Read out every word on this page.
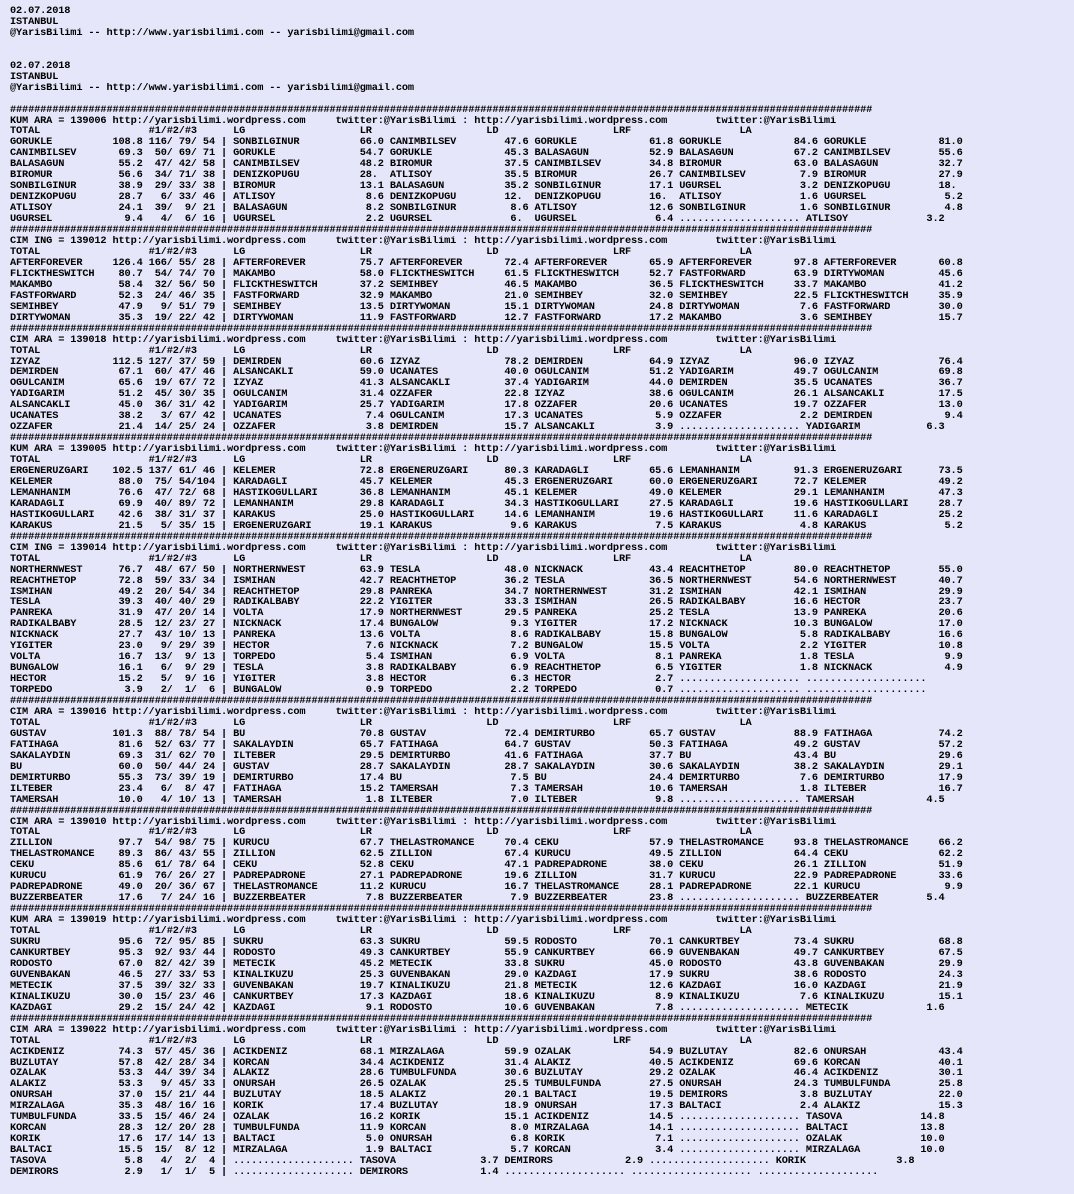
02.07.2018
ISTANBUL
@YarisBilimi -- http://www.yarisbilimi.com -- yarisbilimi@gmail.com
02.07.2018
ISTANBUL
@YarisBilimi -- http://www.yarisbilimi.com -- yarisbilimi@gmail.com
###############################################################################################################################################
KUM ARA = 139006 http://yarisbilimi.wordpress.com     twitter:@YarisBilimi : http://yarisbilimi.wordpress.com        twitter:@YarisBilimi
TOTAL                  #1/#2/#3      LG                   LR                   LD                   LRF                  LA
GORUKLE          108.8 116/ 79/ 54 | SONBILGINUR          66.0 CANIMBILSEV        47.6 GORUKLE            61.8 GORUKLE            84.6 GORUKLE            81.0
CANIMBILSEV       69.3  50/ 69/ 71 | GORUKLE              54.7 GORUKLE            45.3 BALASAGUN          52.9 BALASAGUN          67.2 CANIMBILSEV        55.6
BALASAGUN         55.2  47/ 42/ 58 | CANIMBILSEV          48.2 BIROMUR            37.5 CANIMBILSEV        34.8 BIROMUR            63.0 BALASAGUN          32.7
BIROMUR           56.6  34/ 71/ 38 | DENIZKOPUGU          28.  ATLISOY            35.5 BIROMUR            26.7 CANIMBILSEV         7.9 BIROMUR            27.9
SONBILGINUR       38.9  29/ 33/ 38 | BIROMUR              13.1 BALASAGUN          35.2 SONBILGINUR        17.1 UGURSEL             3.2 DENIZKOPUGU        18.
DENIZKOPUGU       28.7   6/ 33/ 46 | ATLISOY               8.6 DENIZKOPUGU        12.  DENIZKOPUGU        16.  ATLISOY             1.6 UGURSEL             5.2
ATLISOY           24.1  39/  9/ 21 | BALASAGUN             8.2 SONBILGINUR         8.6 ATLISOY            12.6 SONBILGINUR         1.6 SONBILGINUR         4.8
UGURSEL            9.4   4/  6/ 16 | UGURSEL               2.2 UGURSEL             6.  UGURSEL             6.4 .................... ATLISOY             3.2
###############################################################################################################################################
CIM ING = 139012 http://yarisbilimi.wordpress.com     twitter:@YarisBilimi : http://yarisbilimi.wordpress.com        twitter:@YarisBilimi
TOTAL                  #1/#2/#3      LG                   LR                   LD                   LRF                  LA
AFTERFOREVER     126.4 166/ 55/ 28 | AFTERFOREVER         75.7 AFTERFOREVER       72.4 AFTERFOREVER       65.9 AFTERFOREVER       97.8 AFTERFOREVER       60.8
FLICKTHESWITCH    80.7  54/ 74/ 70 | MAKAMBO              58.0 FLICKTHESWITCH     61.5 FLICKTHESWITCH     52.7 FASTFORWARD        63.9 DIRTYWOMAN         45.6
MAKAMBO           58.4  32/ 56/ 50 | FLICKTHESWITCH       37.2 SEMIHBEY           46.5 MAKAMBO            36.5 FLICKTHESWITCH     33.7 MAKAMBO            41.2
FASTFORWARD       52.3  24/ 46/ 35 | FASTFORWARD          32.9 MAKAMBO            21.0 SEMIHBEY           32.0 SEMIHBEY           22.5 FLICKTHESWITCH     35.9
SEMIHBEY          47.9   9/ 51/ 79 | SEMIHBEY             13.5 DIRTYWOMAN         15.1 DIRTYWOMAN         24.8 DIRTYWOMAN          7.6 FASTFORWARD        30.0
DIRTYWOMAN        35.3  19/ 22/ 42 | DIRTYWOMAN           11.9 FASTFORWARD        12.7 FASTFORWARD        17.2 MAKAMBO             3.6 SEMIHBEY           15.7
###############################################################################################################################################
CIM ARA = 139018 http://yarisbilimi.wordpress.com     twitter:@YarisBilimi : http://yarisbilimi.wordpress.com        twitter:@YarisBilimi
TOTAL                  #1/#2/#3      LG                   LR                   LD                   LRF                  LA
IZYAZ            112.5 127/ 37/ 59 | DEMIRDEN             60.6 IZYAZ              78.2 DEMIRDEN           64.9 IZYAZ              96.0 IZYAZ              76.4
DEMIRDEN          67.1  60/ 47/ 46 | ALSANCAKLI           59.0 UCANATES           40.0 OGULCANIM          51.2 YADIGARIM          49.7 OGULCANIM          69.8
OGULCANIM         65.6  19/ 67/ 72 | IZYAZ                41.3 ALSANCAKLI         37.4 YADIGARIM          44.0 DEMIRDEN           35.5 UCANATES           36.7
YADIGARIM         51.2  45/ 30/ 35 | OGULCANIM            31.4 OZZAFER            22.8 IZYAZ              38.6 OGULCANIM          26.1 ALSANCAKLI         17.5
ALSANCAKLI        45.0  36/ 31/ 42 | YADIGARIM            25.7 YADIGARIM          17.8 OZZAFER            20.6 UCANATES           19.7 OZZAFER            13.0
UCANATES          38.2   3/ 67/ 42 | UCANATES              7.4 OGULCANIM          17.3 UCANATES            5.9 OZZAFER             2.2 DEMIRDEN            9.4
OZZAFER           21.4  14/ 25/ 24 | OZZAFER               3.8 DEMIRDEN           15.7 ALSANCAKLI          3.9 .................... YADIGARIM           6.3
###############################################################################################################################################
KUM ARA = 139005 http://yarisbilimi.wordpress.com     twitter:@YarisBilimi : http://yarisbilimi.wordpress.com        twitter:@YarisBilimi
TOTAL                  #1/#2/#3      LG                   LR                   LD                   LRF                  LA
ERGENERUZGARI    102.5 137/ 61/ 46 | KELEMER              72.8 ERGENERUZGARI      80.3 KARADAGLI          65.6 LEMANHANIM         91.3 ERGENERUZGARI      73.5
KELEMER           88.0  75/ 54/104 | KARADAGLI            45.7 KELEMER            45.3 ERGENERUZGARI      60.0 ERGENERUZGARI      72.7 KELEMER            49.2
LEMANHANIM        76.6  47/ 72/ 68 | HASTIKOGULLARI       36.8 LEMANHANIM         45.1 KELEMER            49.0 KELEMER            29.1 LEMANHANIM         47.3
KARADAGLI         69.9  40/ 89/ 72 | LEMANHANIM           29.8 KARADAGLI          34.3 HASTIKOGULLARI     27.5 KARADAGLI          19.6 HASTIKOGULLARI     28.7
HASTIKOGULLARI    42.6  38/ 31/ 37 | KARAKUS              25.0 HASTIKOGULLARI     14.6 LEMANHANIM         19.6 HASTIKOGULLARI     11.6 KARADAGLI          25.2
KARAKUS           21.5   5/ 35/ 15 | ERGENERUZGARI        19.1 KARAKUS             9.6 KARAKUS             7.5 KARAKUS             4.8 KARAKUS             5.2
###############################################################################################################################################
CIM ING = 139014 http://yarisbilimi.wordpress.com     twitter:@YarisBilimi : http://yarisbilimi.wordpress.com        twitter:@YarisBilimi
TOTAL                  #1/#2/#3      LG                   LR                   LD                   LRF                  LA
NORTHERNWEST      76.7  48/ 67/ 50 | NORTHERNWEST         63.9 TESLA              48.0 NICKNACK           43.4 REACHTHETOP        80.0 REACHTHETOP        55.0
REACHTHETOP       72.8  59/ 33/ 34 | ISMIHAN              42.7 REACHTHETOP        36.2 TESLA              36.5 NORTHERNWEST       54.6 NORTHERNWEST       40.7
ISMIHAN           49.2  20/ 54/ 34 | REACHTHETOP          29.8 PANREKA            34.7 NORTHERNWEST       31.2 ISMIHAN            42.1 ISMIHAN            29.9
TESLA             39.3  40/ 40/ 29 | RADIKALBABY          22.2 YIGITER            33.3 ISMIHAN            26.5 RADIKALBABY        16.6 HECTOR             23.7
PANREKA           31.9  47/ 20/ 14 | VOLTA                17.9 NORTHERNWEST       29.5 PANREKA            25.2 TESLA              13.9 PANREKA            20.6
RADIKALBABY       28.5  12/ 23/ 27 | NICKNACK             17.4 BUNGALOW            9.3 YIGITER            17.2 NICKNACK           10.3 BUNGALOW           17.0
NICKNACK          27.7  43/ 10/ 13 | PANREKA              13.6 VOLTA               8.6 RADIKALBABY        15.8 BUNGALOW            5.8 RADIKALBABY        16.6
YIGITER           23.0   9/ 29/ 39 | HECTOR                7.6 NICKNACK            7.2 BUNGALOW           15.5 VOLTA               2.2 YIGITER            10.8
VOLTA             16.7  13/  9/ 13 | TORPEDO               5.4 ISMIHAN             6.9 VOLTA               8.1 PANREKA             1.8 TESLA               9.9
BUNGALOW          16.1   6/  9/ 29 | TESLA                 3.8 RADIKALBABY         6.9 REACHTHETOP         6.5 YIGITER             1.8 NICKNACK            4.9
HECTOR            15.2   5/  9/ 16 | YIGITER               3.8 HECTOR              6.3 HECTOR              2.7 .................... ....................
TORPEDO            3.9   2/  1/  6 | BUNGALOW              0.9 TORPEDO             2.2 TORPEDO             0.7 .................... ....................
###############################################################################################################################################
CIM ARA = 139016 http://yarisbilimi.wordpress.com     twitter:@YarisBilimi : http://yarisbilimi.wordpress.com        twitter:@YarisBilimi
TOTAL                  #1/#2/#3      LG                   LR                   LD                   LRF                  LA
GUSTAV           101.3  88/ 78/ 54 | BU                   70.8 GUSTAV             72.4 DEMIRTURBO         65.7 GUSTAV             88.9 FATIHAGA           74.2
FATIHAGA          81.6  52/ 63/ 77 | SAKALAYDIN           65.7 FATIHAGA           64.7 GUSTAV             50.3 FATIHAGA           49.2 GUSTAV             57.2
SAKALAYDIN        69.3  31/ 62/ 70 | ILTEBER              29.5 DEMIRTURBO         41.6 FATIHAGA           37.7 BU                 43.4 BU                 29.6
BU                60.0  50/ 44/ 24 | GUSTAV               28.7 SAKALAYDIN         28.7 SAKALAYDIN         30.6 SAKALAYDIN         38.2 SAKALAYDIN         29.1
DEMIRTURBO        55.3  73/ 39/ 19 | DEMIRTURBO           17.4 BU                  7.5 BU                 24.4 DEMIRTURBO          7.6 DEMIRTURBO         17.9
ILTEBER           23.4   6/  8/ 47 | FATIHAGA             15.2 TAMERSAH            7.3 TAMERSAH           10.6 TAMERSAH            1.8 ILTEBER            16.7
TAMERSAH          10.0   4/ 10/ 13 | TAMERSAH              1.8 ILTEBER             7.0 ILTEBER             9.8 .................... TAMERSAH            4.5
###############################################################################################################################################
CIM ARA = 139010 http://yarisbilimi.wordpress.com     twitter:@YarisBilimi : http://yarisbilimi.wordpress.com        twitter:@YarisBilimi
TOTAL                  #1/#2/#3      LG                   LR                   LD                   LRF                  LA
ZILLION           97.7  54/ 98/ 75 | KURUCU               67.7 THELASTROMANCE     70.4 CEKU               57.9 THELASTROMANCE     93.8 THELASTROMANCE     66.2
THELASTROMANCE    89.3  86/ 43/ 55 | ZILLION              62.5 ZILLION            67.4 KURUCU             49.5 ZILLION            64.4 CEKU               62.2
CEKU              85.6  61/ 78/ 64 | CEKU                 52.8 CEKU               47.1 PADREPADRONE       38.0 CEKU               26.1 ZILLION            51.9
KURUCU            61.9  76/ 26/ 27 | PADREPADRONE         27.1 PADREPADRONE       19.6 ZILLION            31.7 KURUCU             22.9 PADREPADRONE       33.6
PADREPADRONE      49.0  20/ 36/ 67 | THELASTROMANCE       11.2 KURUCU             16.7 THELASTROMANCE     28.1 PADREPADRONE       22.1 KURUCU              9.9
BUZZERBEATER      17.6   7/ 24/ 16 | BUZZERBEATER          7.8 BUZZERBEATER        7.9 BUZZERBEATER       23.8 .................... BUZZERBEATER        5.4
###############################################################################################################################################
KUM ARA = 139019 http://yarisbilimi.wordpress.com     twitter:@YarisBilimi : http://yarisbilimi.wordpress.com        twitter:@YarisBilimi
TOTAL                  #1/#2/#3      LG                   LR                   LD                   LRF                  LA
SUKRU             95.6  72/ 95/ 85 | SUKRU                63.3 SUKRU              59.5 RODOSTO            70.1 CANKURTBEY         73.4 SUKRU              68.8
CANKURTBEY        95.3  92/ 93/ 44 | RODOSTO              49.3 CANKURTBEY         55.9 CANKURTBEY         66.9 GUVENBAKAN         49.7 CANKURTBEY         67.5
RODOSTO           67.0  82/ 42/ 39 | METECIK              45.2 METECIK            33.8 SUKRU              45.0 RODOSTO            43.8 GUVENBAKAN         29.9
GUVENBAKAN        46.5  27/ 33/ 53 | KINALIKUZU           25.3 GUVENBAKAN         29.0 KAZDAGI            17.9 SUKRU              38.6 RODOSTO            24.3
METECIK           37.5  39/ 32/ 33 | GUVENBAKAN           19.7 KINALIKUZU         21.8 METECIK            12.6 KAZDAGI            16.0 KAZDAGI            21.9
KINALIKUZU        30.0  15/ 23/ 46 | CANKURTBEY           17.3 KAZDAGI            18.6 KINALIKUZU          8.9 KINALIKUZU          7.6 KINALIKUZU         15.1
KAZDAGI           29.2  15/ 24/ 42 | KAZDAGI               9.1 RODOSTO            10.6 GUVENBAKAN          7.8 .................... METECIK             1.6
###############################################################################################################################################
CIM ARA = 139022 http://yarisbilimi.wordpress.com     twitter:@YarisBilimi : http://yarisbilimi.wordpress.com        twitter:@YarisBilimi
TOTAL                  #1/#2/#3      LG                   LR                   LD                   LRF                  LA
ACIKDENIZ         74.3  57/ 45/ 36 | ACIKDENIZ            68.1 MIRZALAGA          59.9 OZALAK             54.9 BUZLUTAY           82.6 ONURSAH            43.4
BUZLUTAY          57.8  42/ 28/ 34 | KORCAN               34.4 ACIKDENIZ          31.4 ALAKIZ             40.5 ACIKDENIZ          69.6 KORCAN             40.1
OZALAK            53.3  44/ 39/ 34 | ALAKIZ               28.6 TUMBULFUNDA        30.6 BUZLUTAY           29.2 OZALAK             46.4 ACIKDENIZ          30.1
ALAKIZ            53.3   9/ 45/ 33 | ONURSAH              26.5 OZALAK             25.5 TUMBULFUNDA        27.5 ONURSAH            24.3 TUMBULFUNDA        25.8
ONURSAH           37.0  15/ 21/ 44 | BUZLUTAY             18.5 ALAKIZ             20.1 BALTACI            19.5 DEMIRORS            3.8 BUZLUTAY           22.0
MIRZALAGA         35.3  48/ 16/ 16 | KORIK                17.4 BUZLUTAY           18.9 ONURSAH            17.3 BALTACI             2.4 ALAKIZ             15.3
TUMBULFUNDA       33.5  15/ 46/ 24 | OZALAK               16.2 KORIK              15.1 ACIKDENIZ          14.5 .................... TASOVA             14.8
KORCAN            28.3  12/ 20/ 28 | TUMBULFUNDA          11.9 KORCAN              8.0 MIRZALAGA          14.1 .................... BALTACI            13.8
KORIK             17.6  17/ 14/ 13 | BALTACI               5.0 ONURSAH             6.8 KORIK               7.1 .................... OZALAK             10.0
BALTACI           15.5  15/  8/ 12 | MIRZALAGA             1.9 BALTACI             5.7 KORCAN              3.4 .................... MIRZALAGA          10.0
TASOVA             5.8   4/  2/  4 | .................... TASOVA              3.7 DEMIRORS            2.9 .................... KORIK               3.8
DEMIRORS           2.9   1/  1/  5 | .................... DEMIRORS            1.4 .................... .................... ....................
